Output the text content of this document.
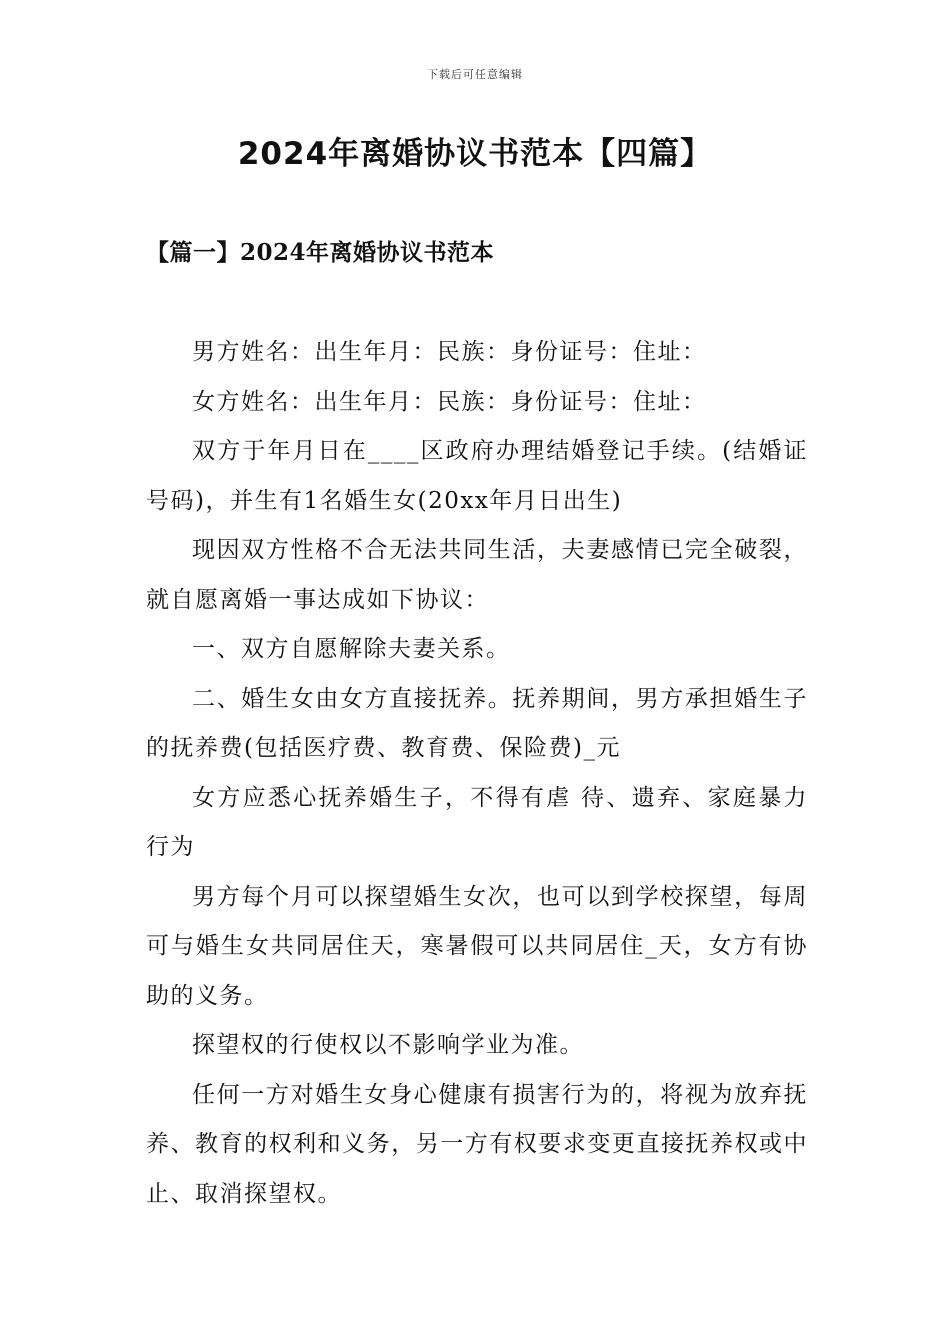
下载后可任意编辑
2024年离婚协议书范本【四篇】
【篇一】2024年离婚协议书范本

男方姓名：出生年月：民族：身份证号：住址：

女方姓名：出生年月：民族：身份证号：住址：

双方于年月日在____区政府办理结婚登记手续。(结婚证号码)，并生有1名婚生女(20xx年月日出生)

现因双方性格不合无法共同生活，夫妻感情已完全破裂，就自愿离婚一事达成如下协议：

一、双方自愿解除夫妻关系。

二、婚生女由女方直接抚养。抚养期间，男方承担婚生子的抚养费(包括医疗费、教育费、保险费)_元

女方应悉心抚养婚生子，不得有虐 待、遗弃、家庭暴力行为

男方每个月可以探望婚生女次，也可以到学校探望，每周可与婚生女共同居住天，寒暑假可以共同居住_天，女方有协助的义务。

探望权的行使权以不影响学业为准。

任何一方对婚生女身心健康有损害行为的，将视为放弃抚养、教育的权利和义务，另一方有权要求变更直接抚养权或中止、取消探望权。
